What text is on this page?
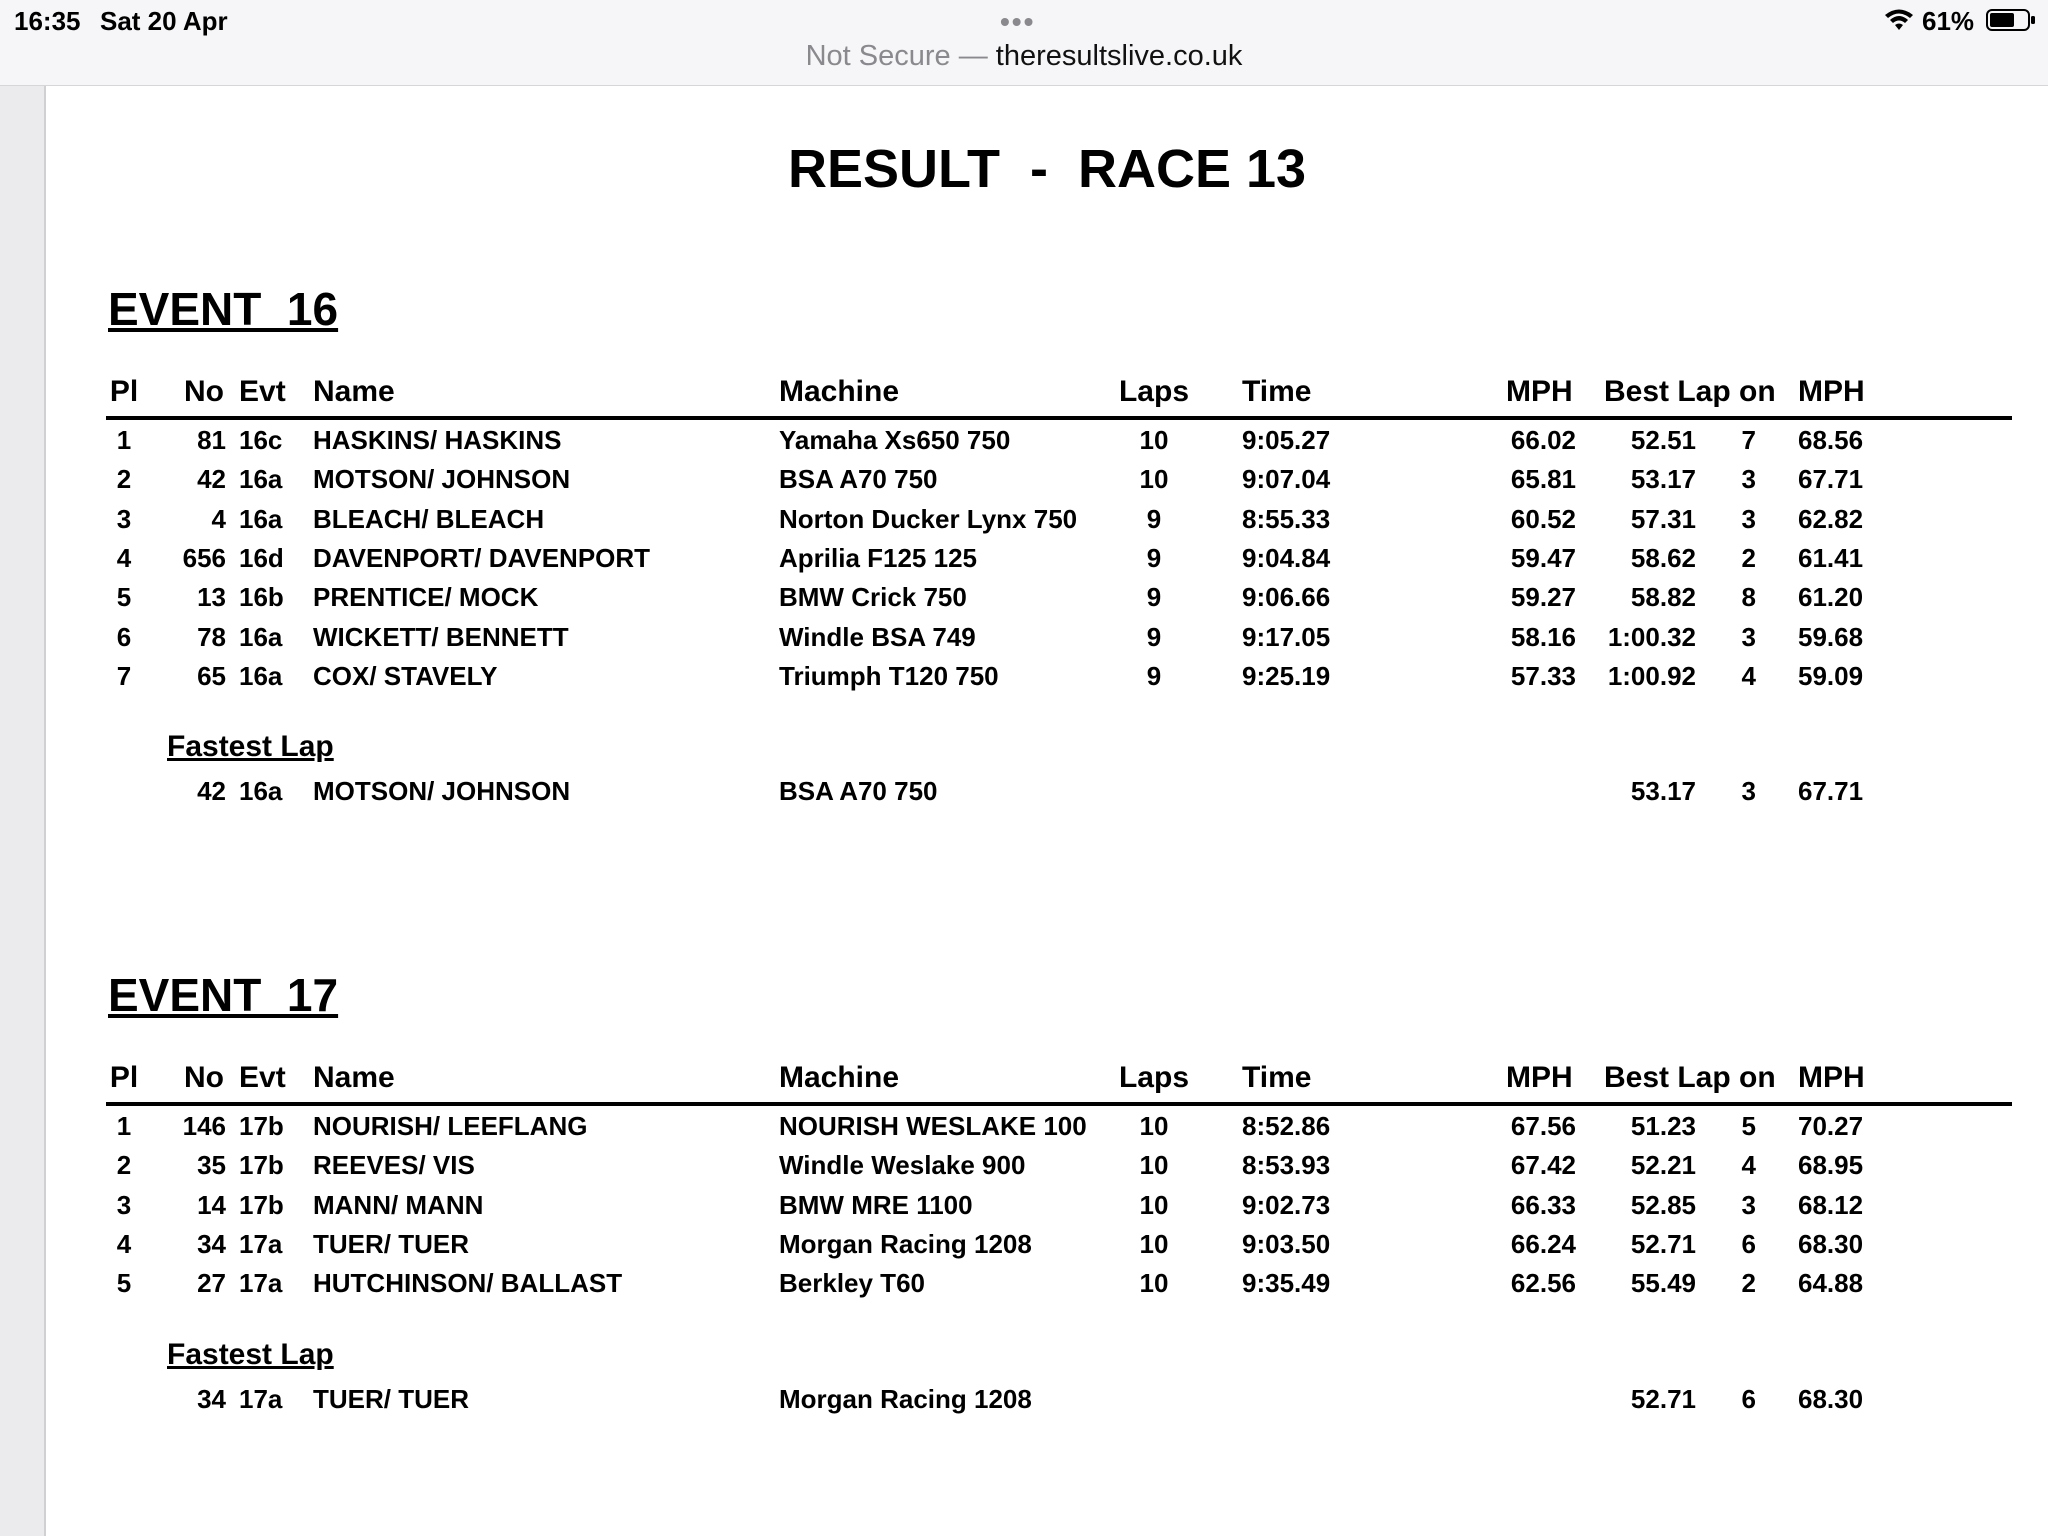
16:35 Sat 20 Apr	•••	61%
Not Secure — theresultslive.co.uk
RESULT  -  RACE 13
EVENT  16
Pl No Evt Name	Machine	Laps	Time	MPH Best Lap on MPH
1	81 16c HASKINS/ HASKINS	Yamaha Xs650 750	10	9:05.27	66.02	52.51	7 68.56
2	42 16a MOTSON/ JOHNSON	BSA A70 750	10	9:07.04	65.81	53.17	3 67.71
3	4 16a BLEACH/ BLEACH	Norton Ducker Lynx 750	9	8:55.33	60.52	57.31	3 62.82
4	656 16d DAVENPORT/ DAVENPORT	Aprilia F125 125	9	9:04.84	59.47	58.62	2 61.41
5	13 16b PRENTICE/ MOCK	BMW Crick 750	9	9:06.66	59.27	58.82	8 61.20
6	78 16a WICKETT/ BENNETT	Windle BSA 749	9	9:17.05	58.16	1:00.32	3 59.68
7	65 16a COX/ STAVELY	Triumph T120 750	9	9:25.19	57.33	1:00.92	4 59.09
Fastest Lap
42 16a MOTSON/ JOHNSON	BSA A70 750	53.17	3 67.71
EVENT  17
Pl No Evt Name	Machine	Laps	Time	MPH Best Lap on MPH
1	146 17b NOURISH/ LEEFLANG	NOURISH WESLAKE 100	10	8:52.86	67.56	51.23	5 70.27
2	35 17b REEVES/ VIS	Windle Weslake 900	10	8:53.93	67.42	52.21	4 68.95
3	14 17b MANN/ MANN	BMW MRE 1100	10	9:02.73	66.33	52.85	3 68.12
4	34 17a TUER/ TUER	Morgan Racing 1208	10	9:03.50	66.24	52.71	6 68.30
5	27 17a HUTCHINSON/ BALLAST	Berkley T60	10	9:35.49	62.56	55.49	2 64.88
Fastest Lap
34 17a TUER/ TUER	Morgan Racing 1208	52.71	6 68.30
